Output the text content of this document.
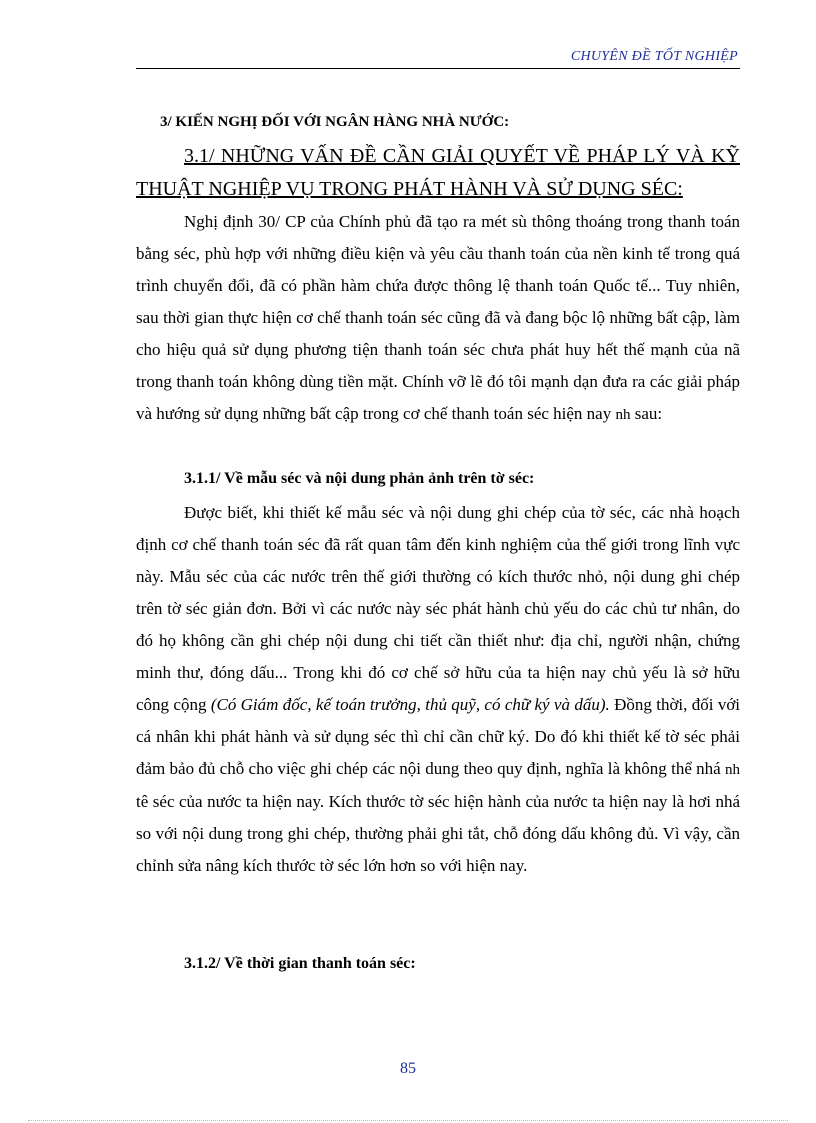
CHUYÊN ĐỀ TỐT NGHIỆP
3/ KIẾN NGHỊ ĐỐI VỚI NGÂN HÀNG NHÀ NƯỚC:
3.1/ NHỮNG VẤN ĐỀ CẦN GIẢI QUYẾT VỀ PHÁP LÝ VÀ KỸ THUẬT NGHIỆP VỤ TRONG PHÁT HÀNH VÀ SỬ DỤNG SÉC:
Nghị định 30/ CP của Chính phủ đã tạo ra mét sù thông thoáng trong thanh toán bằng séc, phù hợp với những điều kiện và yêu cầu thanh toán của nền kinh tế trong quá trình chuyển đổi, đã có phần hàm chứa được thông lệ thanh toán Quốc tế... Tuy nhiên, sau thời gian thực hiện cơ chế thanh toán séc cũng đã và đang bộc lộ những bất cập, làm cho hiệu quả sử dụng phương tiện thanh toán séc chưa phát huy hết thế mạnh của nã trong thanh toán không dùng tiền mặt. Chính vỡ lẽ đó tôi mạnh dạn đưa ra các giải pháp và hướng sử dụng những bất cập trong cơ chế thanh toán séc hiện nay nh sau:
3.1.1/ Về mẫu séc và nội dung phản ảnh trên tờ séc:
Được biết, khi thiết kế mẫu séc và nội dung ghi chép của tờ séc, các nhà hoạch định cơ chế thanh toán séc đã rất quan tâm đến kinh nghiệm của thế giới trong lĩnh vực này. Mẫu séc của các nước trên thế giới thường có kích thước nhỏ, nội dung ghi chép trên tờ séc giản đơn. Bởi vì các nước này séc phát hành chủ yếu do các chủ tư nhân, do đó họ không cần ghi chép nội dung chi tiết cần thiết như: địa chỉ, người nhận, chứng minh thư, đóng dấu... Trong khi đó cơ chế sở hữu của ta hiện nay chủ yếu là sở hữu công cộng (Có Giám đốc, kế toán trưởng, thủ quỹ, có chữ ký và dấu). Đồng thời, đối với cá nhân khi phát hành và sử dụng séc thì chỉ cần chữ ký. Do đó khi thiết kế tờ séc phải đảm bảo đủ chỗ cho việc ghi chép các nội dung theo quy định, nghĩa là không thể nhá nh tê séc của nước ta hiện nay. Kích thước tờ séc hiện hành của nước ta hiện nay là hơi nhá so với nội dung trong ghi chép, thường phải ghi tắt, chỗ đóng dấu không đủ. Vì vậy, cần chỉnh sửa nâng kích thước tờ séc lớn hơn so với hiện nay.
3.1.2/ Về thời gian thanh toán séc:
85
